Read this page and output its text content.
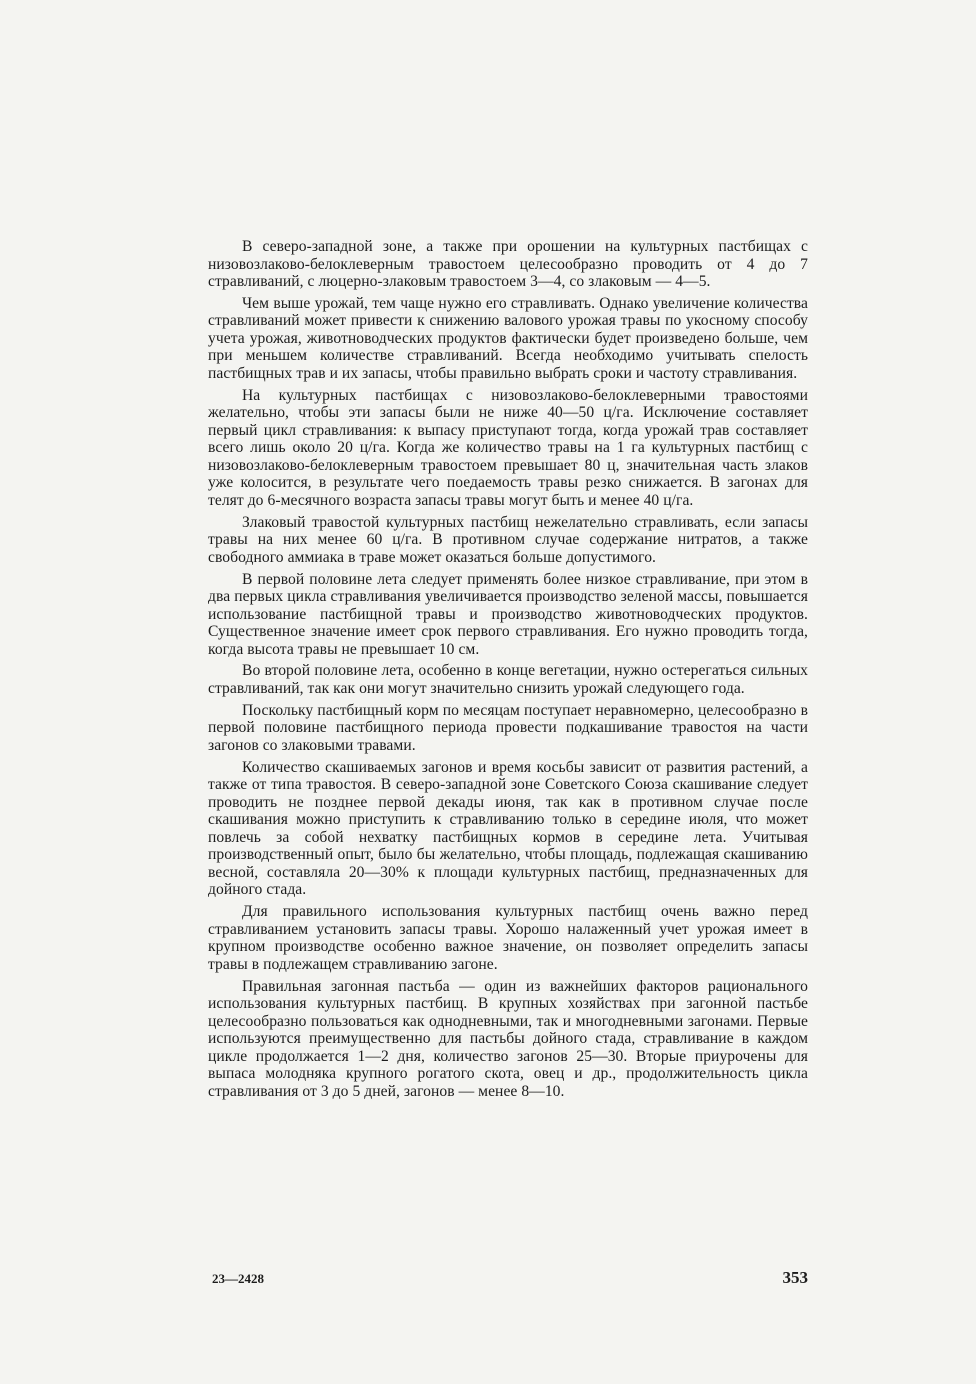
В северо-западной зоне, а также при орошении на культурных пастбищах с низовозлаково-белоклеверным травостоем целесообразно проводить от 4 до 7 стравливаний, с люцерно-злаковым травостоем 3—4, со злаковым — 4—5.

Чем выше урожай, тем чаще нужно его стравливать. Однако увеличение количества стравливаний может привести к снижению валового урожая травы по укосному способу учета урожая, животноводческих продуктов фактически будет произведено больше, чем при меньшем количестве стравливаний. Всегда необходимо учитывать спелость пастбищных трав и их запасы, чтобы правильно выбрать сроки и частоту стравливания.

На культурных пастбищах с низовозлаково-белоклеверными травостоями желательно, чтобы эти запасы были не ниже 40—50 ц/га. Исключение составляет первый цикл стравливания: к выпасу приступают тогда, когда урожай трав составляет всего лишь около 20 ц/га. Когда же количество травы на 1 га культурных пастбищ с низовозлаково-белоклеверным травостоем превышает 80 ц, значительная часть злаков уже колосится, в результате чего поедаемость травы резко снижается. В загонах для телят до 6-месячного возраста запасы травы могут быть и менее 40 ц/га.

Злаковый травостой культурных пастбищ нежелательно стравливать, если запасы травы на них менее 60 ц/га. В противном случае содержание нитратов, а также свободного аммиака в траве может оказаться больше допустимого.

В первой половине лета следует применять более низкое стравливание, при этом в два первых цикла стравливания увеличивается производство зеленой массы, повышается использование пастбищной травы и производство животноводческих продуктов. Существенное значение имеет срок первого стравливания. Его нужно проводить тогда, когда высота травы не превышает 10 см.

Во второй половине лета, особенно в конце вегетации, нужно остерегаться сильных стравливаний, так как они могут значительно снизить урожай следующего года.

Поскольку пастбищный корм по месяцам поступает неравномерно, целесообразно в первой половине пастбищного периода провести подкашивание травостоя на части загонов со злаковыми травами.

Количество скашиваемых загонов и время косьбы зависит от развития растений, а также от типа травостоя. В северо-западной зоне Советского Союза скашивание следует проводить не позднее первой декады июня, так как в противном случае после скашивания можно приступить к стравливанию только в середине июля, что может повлечь за собой нехватку пастбищных кормов в середине лета. Учитывая производственный опыт, было бы желательно, чтобы площадь, подлежащая скашиванию весной, составляла 20—30% к площади культурных пастбищ, предназначенных для дойного стада.

Для правильного использования культурных пастбищ очень важно перед стравливанием установить запасы травы. Хорошо налаженный учет урожая имеет в крупном производстве особенно важное значение, он позволяет определить запасы травы в подлежащем стравливанию загоне.

Правильная загонная пастьба — один из важнейших факторов рационального использования культурных пастбищ. В крупных хозяйствах при загонной пастьбе целесообразно пользоваться как однодневными, так и многодневными загонами. Первые используются преимущественно для пастьбы дойного стада, стравливание в каждом цикле продолжается 1—2 дня, количество загонов 25—30. Вторые приурочены для выпаса молодняка крупного рогатого скота, овец и др., продолжительность цикла стравливания от 3 до 5 дней, загонов — менее 8—10.

23—2428	353
